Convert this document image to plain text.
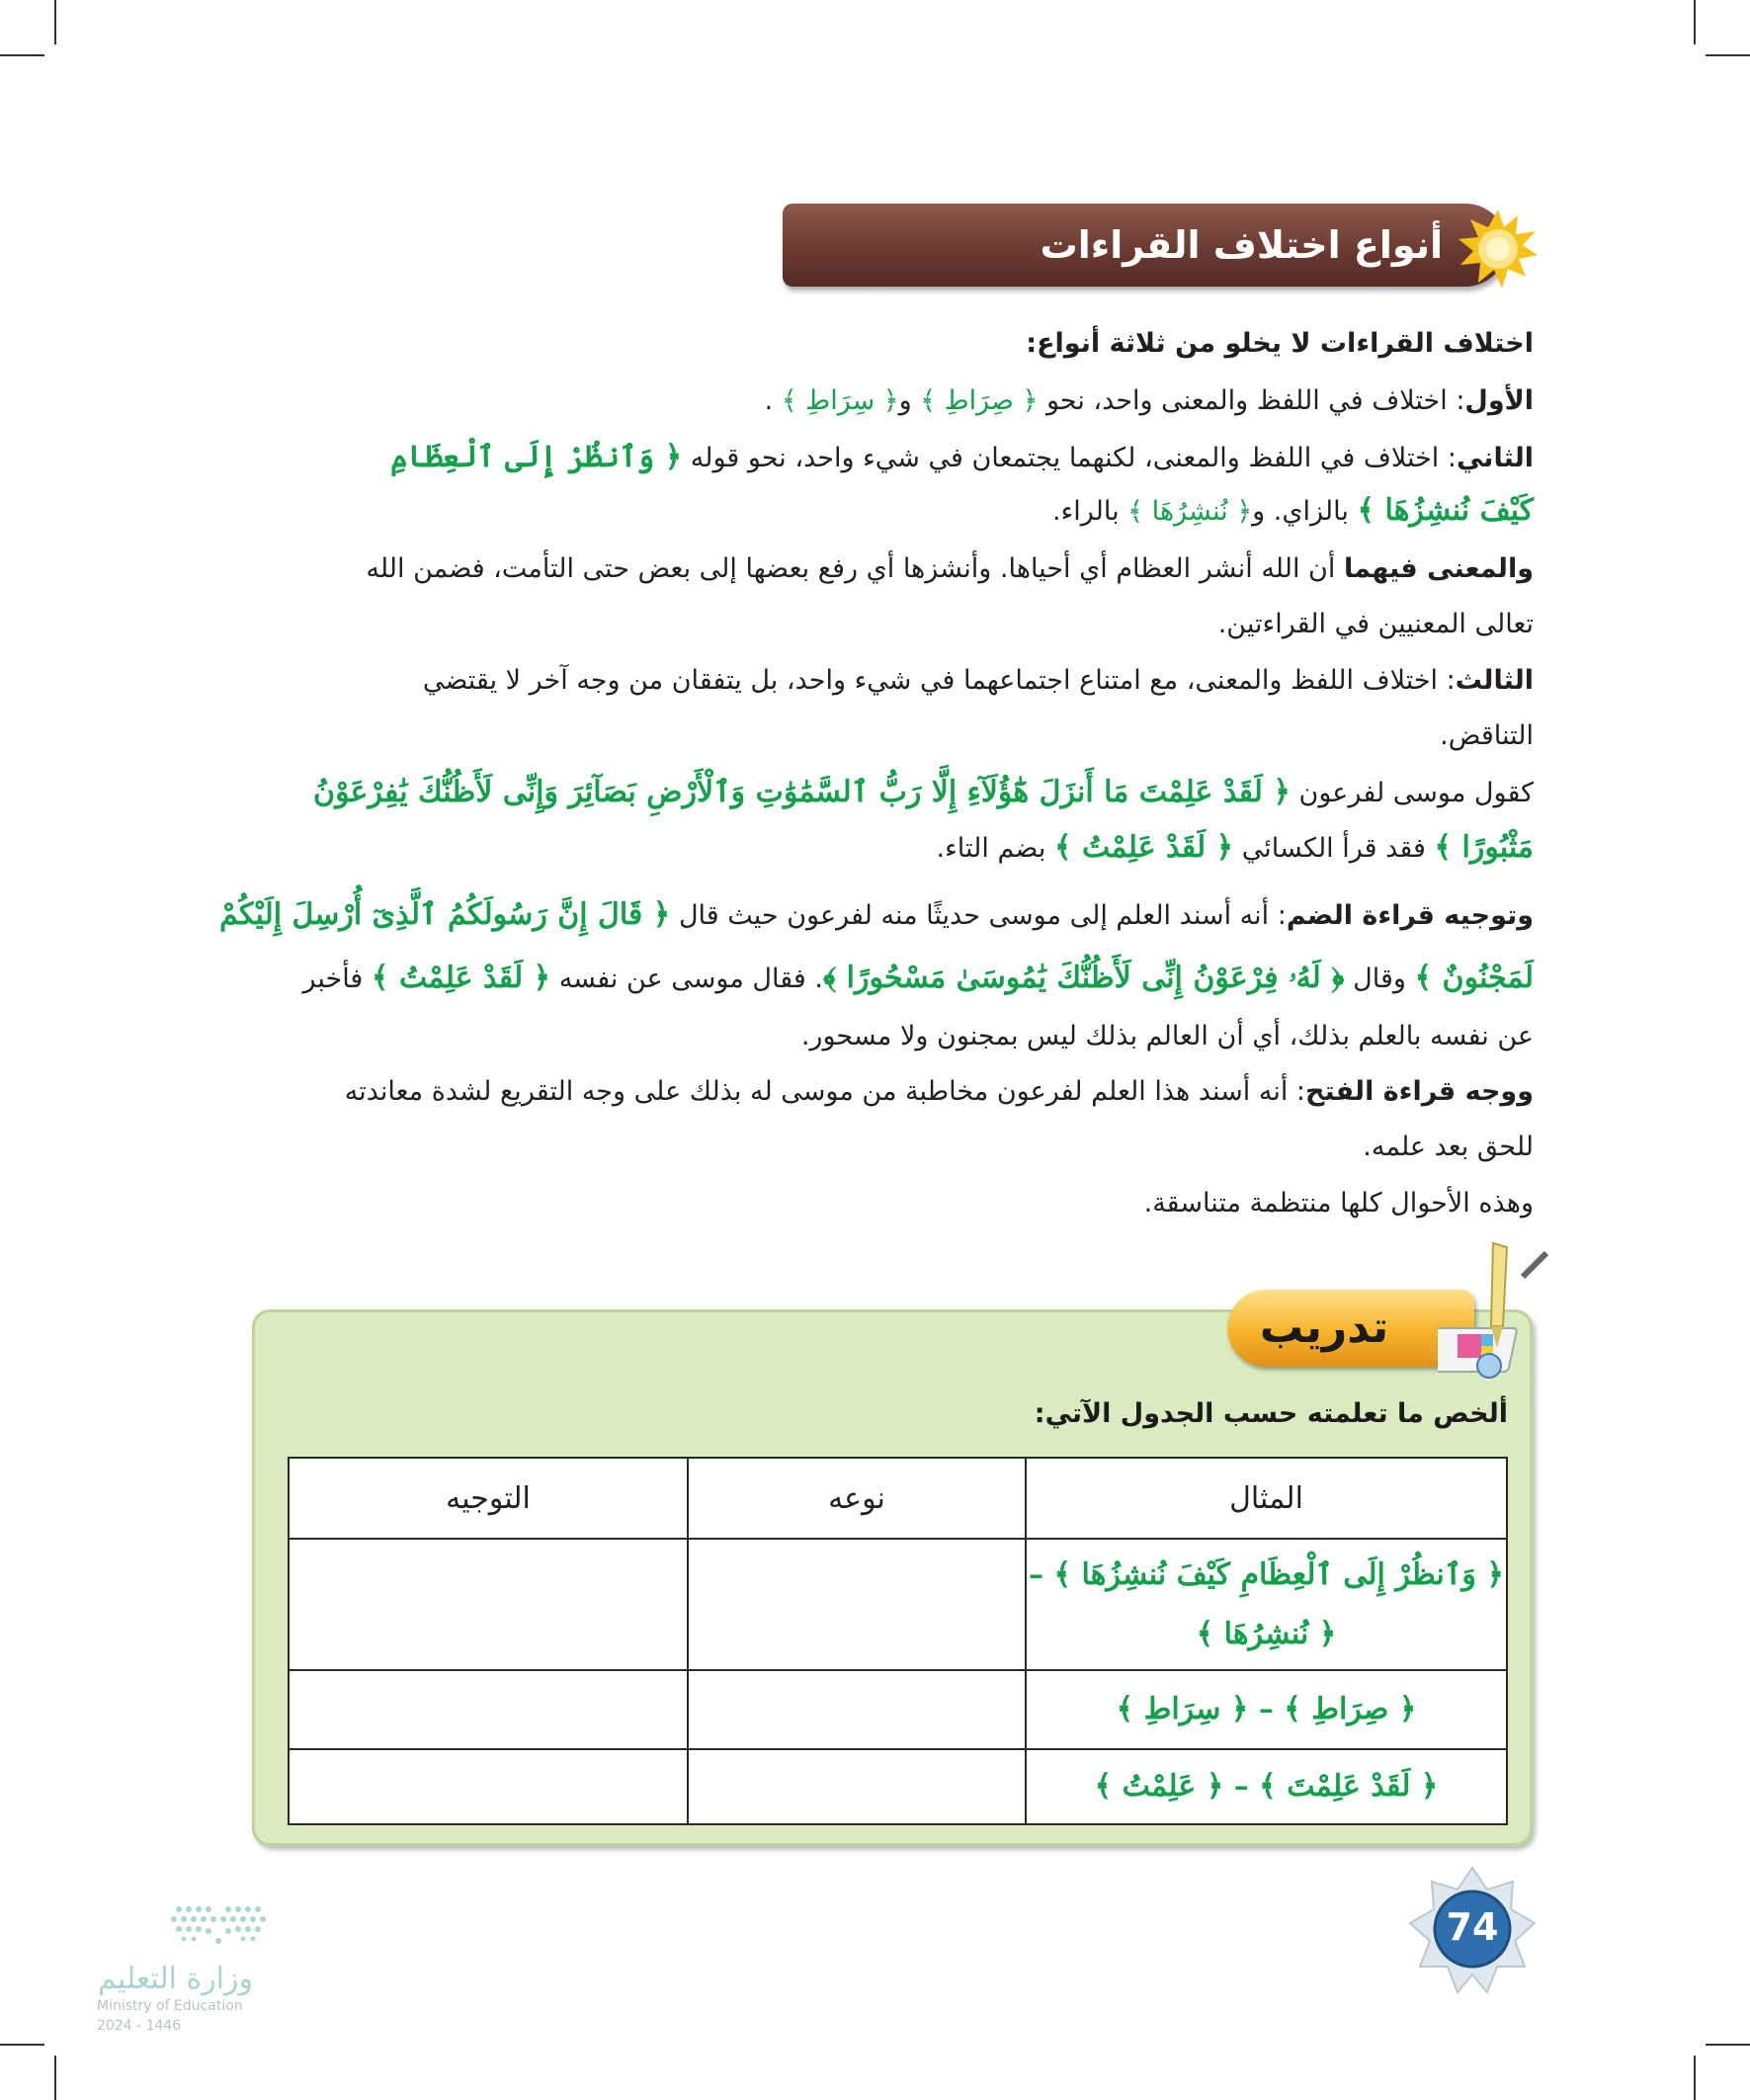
أنواع اختلاف القراءات
اختلاف القراءات لا يخلو من ثلاثة أنواع:
الأول: اختلاف في اللفظ والمعنى واحد، نحو ﴿ صِرَاطِ ﴾ و﴿ سِرَاطِ ﴾ .
الثاني: اختلاف في اللفظ والمعنى، لكنهما يجتمعان في شيء واحد، نحو قوله ﴿ وَٱنظُرْ إِلَى ٱلْعِظَامِ
كَيْفَ نُنشِزُهَا ﴾ بالزاي. و﴿ نُنشِرُهَا ﴾ بالراء.
والمعنى فيهما أن الله أنشر العظام أي أحياها. وأنشزها أي رفع بعضها إلى بعض حتى التأمت، فضمن الله
تعالى المعنيين في القراءتين.
الثالث: اختلاف اللفظ والمعنى، مع امتناع اجتماعهما في شيء واحد، بل يتفقان من وجه آخر لا يقتضي
التناقض.
كقول موسى لفرعون ﴿ لَقَدْ عَلِمْتَ مَا أَنزَلَ هَٰٓؤُلَآءِ إِلَّا رَبُّ ٱلسَّمَٰوَٰتِ وَٱلْأَرْضِ بَصَآئِرَ وَإِنِّى لَأَظُنُّكَ يَٰفِرْعَوْنُ
مَثْبُورًا ﴾ فقد قرأ الكسائي ﴿ لَقَدْ عَلِمْتُ ﴾ بضم التاء.
وتوجيه قراءة الضم: أنه أسند العلم إلى موسى حديثًا منه لفرعون حيث قال ﴿ قَالَ إِنَّ رَسُولَكُمُ ٱلَّذِىٓ أُرْسِلَ إِلَيْكُمْ
لَمَجْنُونٌ ﴾ وقال ﴿ لَهُۥ فِرْعَوْنُ إِنِّى لَأَظُنُّكَ يَٰمُوسَىٰ مَسْحُورًا ﴾. فقال موسى عن نفسه ﴿ لَقَدْ عَلِمْتُ ﴾ فأخبر
عن نفسه بالعلم بذلك، أي أن العالم بذلك ليس بمجنون ولا مسحور.
ووجه قراءة الفتح: أنه أسند هذا العلم لفرعون مخاطبة من موسى له بذلك على وجه التقريع لشدة معاندته
للحق بعد علمه.
وهذه الأحوال كلها منتظمة متناسقة.
تدريب
ألخص ما تعلمته حسب الجدول الآتي:
المثال	نوعه	التوجيه
﴿ وَٱنظُرْ إِلَى ٱلْعِظَامِ كَيْفَ نُنشِزُهَا ﴾ – ﴿ نُنشِرُهَا ﴾		
﴿ صِرَاطِ ﴾ – ﴿ سِرَاطِ ﴾		
﴿ لَقَدْ عَلِمْتَ ﴾ – ﴿ عَلِمْتُ ﴾		
74
وزارة التعليم
Ministry of Education
2024 - 1446
